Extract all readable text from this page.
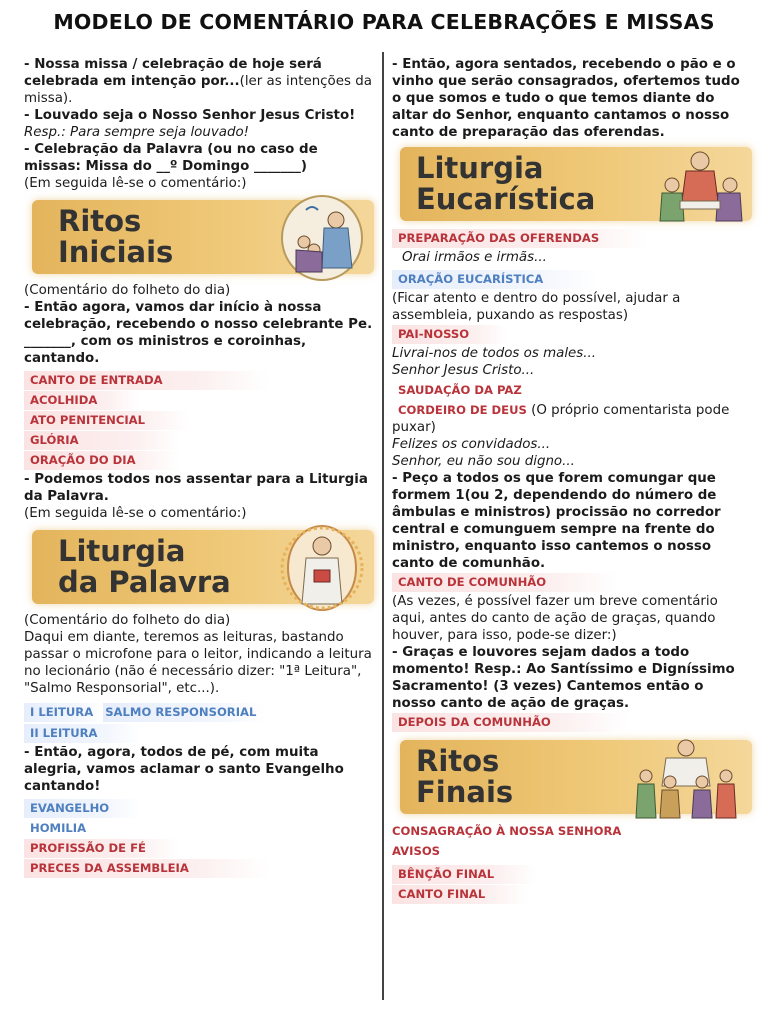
MODELO DE COMENTÁRIO PARA CELEBRAÇÕES E MISSAS

- Nossa missa / celebração de hoje será celebrada em intenção por...(ler as intenções da missa).

- Louvado seja o Nosso Senhor Jesus Cristo! Resp.: Para sempre seja louvado!

- Celebração da Palavra (ou no caso de missas: Missa do __º Domingo _______)

(Em seguida lê-se o comentário:)

Ritos
Iniciais

(Comentário do folheto do dia)

- Então agora, vamos dar início à nossa celebração, recebendo o nosso celebrante Pe. _______, com os ministros e coroinhas, cantando.

CANTO DE ENTRADA
ACOLHIDA
ATO PENITENCIAL
GLÓRIA
ORAÇÃO DO DIA

- Podemos todos nos assentar para a Liturgia da Palavra.

(Em seguida lê-se o comentário:)

Liturgia
da Palavra

(Comentário do folheto do dia)

Daqui em diante, teremos as leituras, bastando passar o microfone para o leitor, indicando a leitura no lecionário (não é necessário dizer: "1ª Leitura", "Salmo Responsorial", etc...).

I LEITURA SALMO RESPONSORIAL
II LEITURA

- Então, agora, todos de pé, com muita alegria, vamos aclamar o santo Evangelho cantando!

EVANGELHO
HOMILIA
PROFISSÃO DE FÉ
PRECES DA ASSEMBLEIA

- Então, agora sentados, recebendo o pão e o vinho que serão consagrados, ofertemos tudo o que somos e tudo o que temos diante do altar do Senhor, enquanto cantamos o nosso canto de preparação das oferendas.

Liturgia
Eucarística
PREPARAÇÃO DAS OFERENDAS

Orai irmãos e irmãs...

ORAÇÃO EUCARÍSTICA

(Ficar atento e dentro do possível, ajudar a assembleia, puxando as respostas)

PAI-NOSSO

Livrai-nos de todos os males...

Senhor Jesus Cristo...

SAUDAÇÃO DA PAZ

CORDEIRO DE DEUS (O próprio comentarista pode puxar)

Felizes os convidados...

Senhor, eu não sou digno...

- Peço a todos os que forem comungar que formem 1(ou 2, dependendo do número de âmbulas e ministros) procissão no corredor central e comunguem sempre na frente do ministro, enquanto isso cantemos o nosso canto de comunhão.

CANTO DE COMUNHÃO

(As vezes, é possível fazer um breve comentário aqui, antes do canto de ação de graças, quando houver, para isso, pode-se dizer:)

- Graças e louvores sejam dados a todo momento! Resp.: Ao Santíssimo e Digníssimo Sacramento! (3 vezes) Cantemos então o nosso canto de ação de graças.

DEPOIS DA COMUNHÃO
Ritos
Finais
CONSAGRAÇÃO À NOSSA SENHORA
AVISOS
BÊNÇÃO FINAL
CANTO FINAL
